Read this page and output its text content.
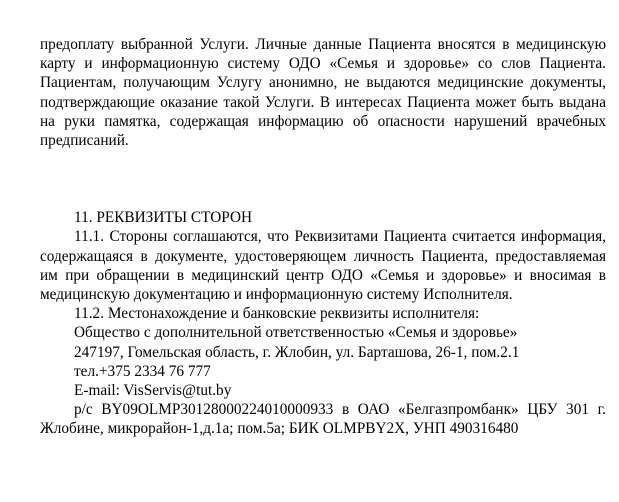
предоплату выбранной Услуги. Личные данные Пациента вносятся в медицинскую карту и информационную систему ОДО «Семья и здоровье» со слов Пациента. Пациентам, получающим Услугу анонимно, не выдаются медицинские документы, подтверждающие оказание такой Услуги. В интересах Пациента может быть выдана на руки памятка, содержащая информацию об опасности нарушений врачебных предписаний.

11. РЕКВИЗИТЫ СТОРОН

11.1. Стороны соглашаются, что Реквизитами Пациента считается информация, содержащаяся в документе, удостоверяющем личность Пациента, предоставляемая им при обращении в медицинский центр ОДО «Семья и здоровье» и вносимая в медицинскую документацию и информационную систему Исполнителя.

11.2. Местонахождение и банковские реквизиты исполнителя:

Общество с дополнительной ответственностью «Семья и здоровье»

247197, Гомельская область, г. Жлобин, ул. Барташова, 26-1, пом.2.1

тел.+375 2334 76 777

E-mail: VisServis@tut.by

р/с BY09OLMP30128000224010000933 в ОАО «Белгазпромбанк» ЦБУ 301 г. Жлобине, микрорайон-1,д.1а; пом.5а; БИК OLMPBY2X, УНП 490316480
